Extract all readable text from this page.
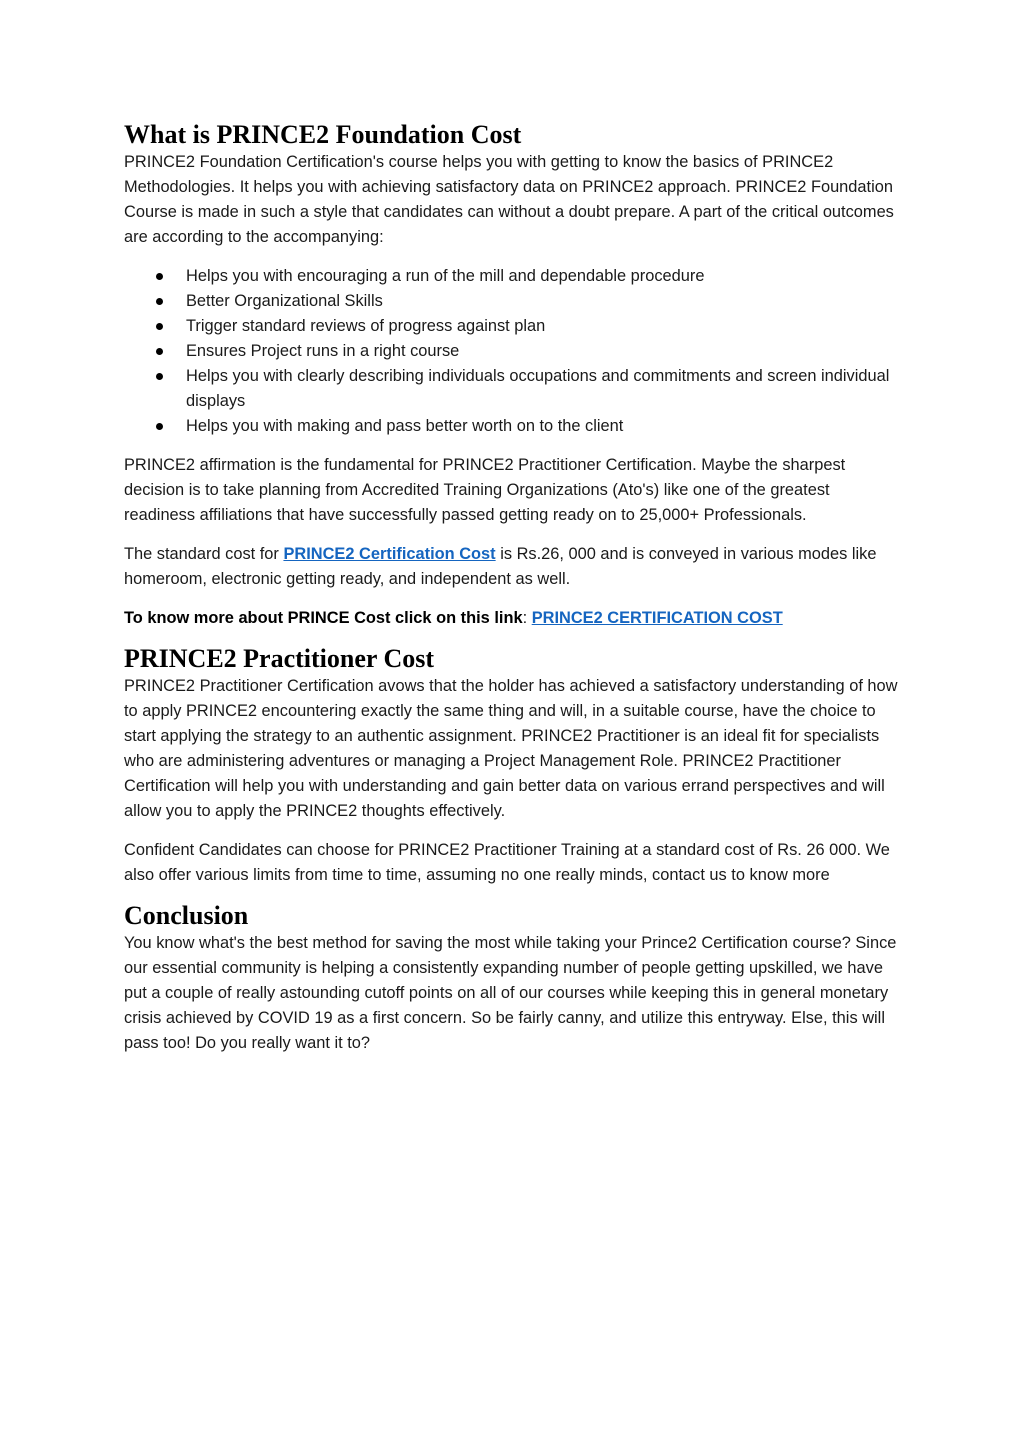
What is PRINCE2 Foundation Cost

PRINCE2 Foundation Certification's course helps you with getting to know the basics of PRINCE2 Methodologies. It helps you with achieving satisfactory data on PRINCE2 approach. PRINCE2 Foundation Course is made in such a style that candidates can without a doubt prepare. A part of the critical outcomes are according to the accompanying:

Helps you with encouraging a run of the mill and dependable procedure
Better Organizational Skills
Trigger standard reviews of progress against plan
Ensures Project runs in a right course
Helps you with clearly describing individuals occupations and commitments and screen individual displays
Helps you with making and pass better worth on to the client

PRINCE2 affirmation is the fundamental for PRINCE2 Practitioner Certification. Maybe the sharpest decision is to take planning from Accredited Training Organizations (Ato's) like one of the greatest readiness affiliations that have successfully passed getting ready on to 25,000+ Professionals.

The standard cost for PRINCE2 Certification Cost is Rs.26, 000 and is conveyed in various modes like homeroom, electronic getting ready, and independent as well.

To know more about PRINCE Cost click on this link: PRINCE2 CERTIFICATION COST

PRINCE2 Practitioner Cost

PRINCE2 Practitioner Certification avows that the holder has achieved a satisfactory understanding of how to apply PRINCE2 encountering exactly the same thing and will, in a suitable course, have the choice to start applying the strategy to an authentic assignment. PRINCE2 Practitioner is an ideal fit for specialists who are administering adventures or managing a Project Management Role. PRINCE2 Practitioner Certification will help you with understanding and gain better data on various errand perspectives and will allow you to apply the PRINCE2 thoughts effectively.

Confident Candidates can choose for PRINCE2 Practitioner Training at a standard cost of Rs. 26 000. We also offer various limits from time to time, assuming no one really minds, contact us to know more

Conclusion

You know what's the best method for saving the most while taking your Prince2 Certification course? Since our essential community is helping a consistently expanding number of people getting upskilled, we have put a couple of really astounding cutoff points on all of our courses while keeping this in general monetary crisis achieved by COVID 19 as a first concern. So be fairly canny, and utilize this entryway. Else, this will pass too! Do you really want it to?
